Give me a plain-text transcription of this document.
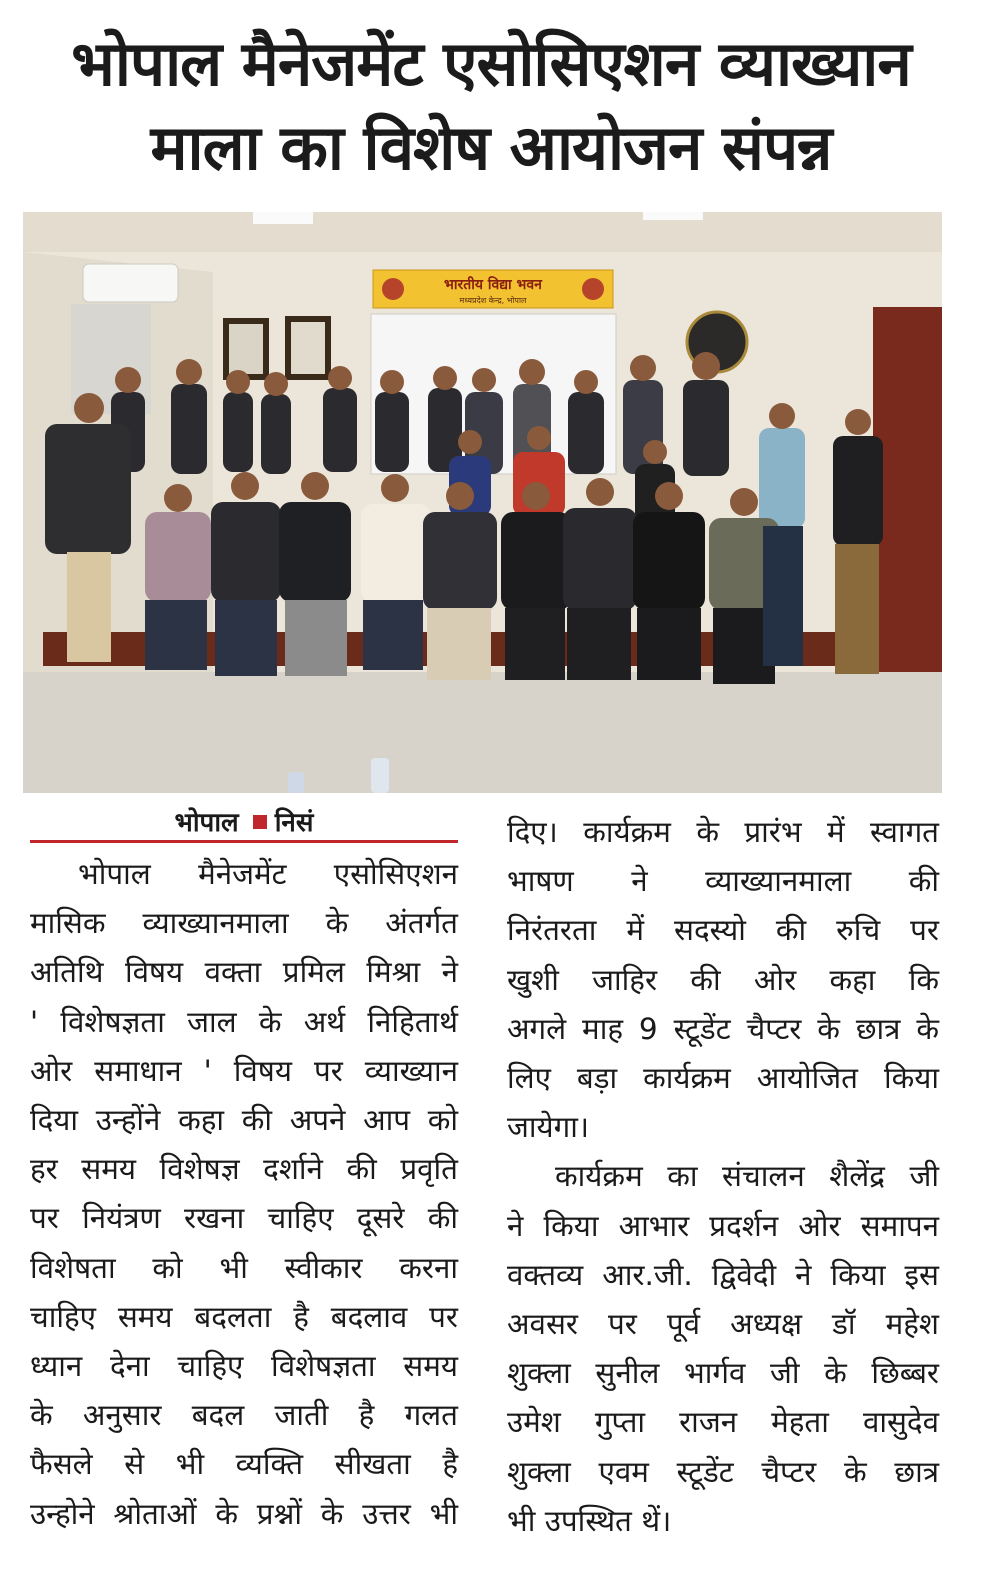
भोपाल मैनेजमेंट एसोसिएशन व्याख्यान
माला का विशेष आयोजन संपन्न
भारतीय विद्या भवन
मध्यप्रदेश केन्द्र, भोपाल
भोपाल निसं
भोपाल मैनेजमेंट एसोसिएशन
मासिक व्याख्यानमाला के अंतर्गत
अतिथि विषय वक्ता प्रमिल मिश्रा ने
' विशेषज्ञता जाल के अर्थ निहितार्थ
ओर समाधान ' विषय पर व्याख्यान
दिया उन्होंने कहा की अपने आप को
हर समय विशेषज्ञ दर्शाने की प्रवृति
पर नियंत्रण रखना चाहिए दूसरे की
विशेषता को भी स्वीकार करना
चाहिए समय बदलता है बदलाव पर
ध्यान देना चाहिए विशेषज्ञता समय
के अनुसार बदल जाती है गलत
फैसले से भी व्यक्ति सीखता है
उन्होने श्रोताओं के प्रश्नों के उत्तर भी
दिए। कार्यक्रम के प्रारंभ में स्वागत
भाषण ने व्याख्यानमाला की
निरंतरता में सदस्यो की रुचि पर
खुशी जाहिर की ओर कहा कि
अगले माह 9 स्टूडेंट चैप्टर के छात्र के
लिए बड़ा कार्यक्रम आयोजित किया
जायेगा।
कार्यक्रम का संचालन शैलेंद्र जी
ने किया आभार प्रदर्शन ओर समापन
वक्तव्य आर.जी. द्विवेदी ने किया इस
अवसर पर पूर्व अध्यक्ष डॉ महेश
शुक्ला सुनील भार्गव जी के छिब्बर
उमेश गुप्ता राजन मेहता वासुदेव
शुक्ला एवम स्टूडेंट चैप्टर के छात्र
भी उपस्थित थें।
